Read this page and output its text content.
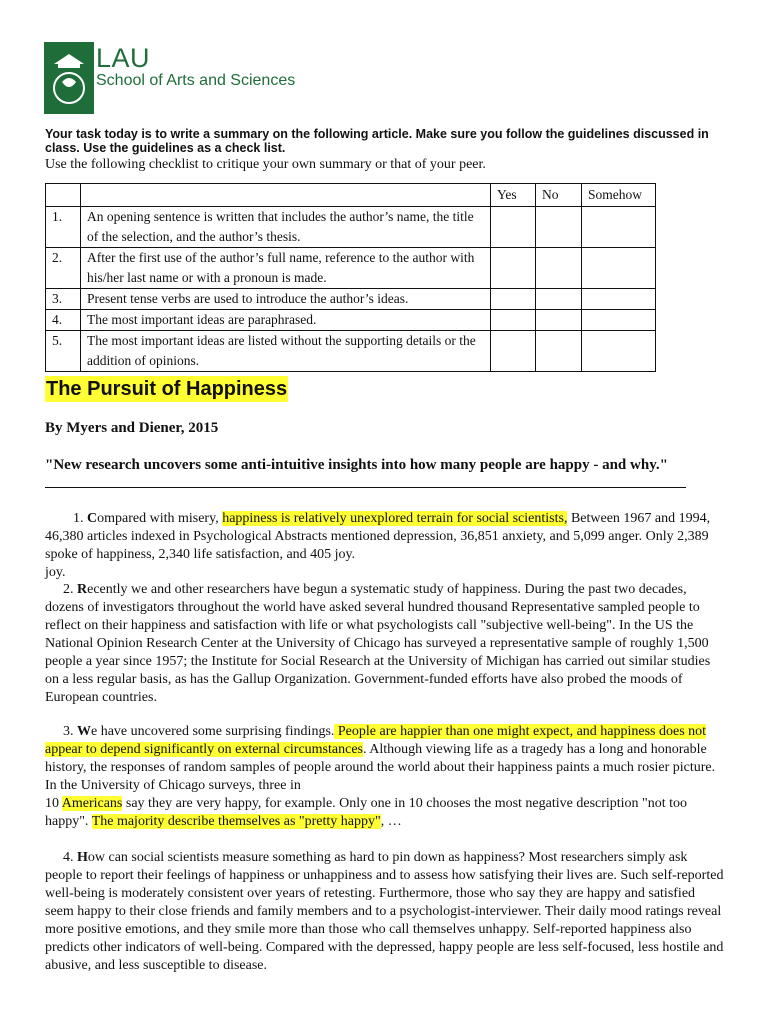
LAU
School of Arts and Sciences
Your task today is to write a summary on the following article. Make sure you follow the guidelines discussed in class. Use the guidelines as a check list.
Use the following checklist to critique your own summary or that of your peer.
		Yes	No	Somehow
1.	An opening sentence is written that includes the author’s name, the title of the selection, and the author’s thesis.			
2.	After the first use of the author’s full name, reference to the author with his/her last name or with a pronoun is made.			
3.	Present tense verbs are used to introduce the author’s ideas.			
4.	The most important ideas are paraphrased.			
5.	The most important ideas are listed without the supporting details or the addition of opinions.			
The Pursuit of Happiness
By Myers and Diener, 2015
"New research uncovers some anti-intuitive insights into how many people are happy - and why."
1. Compared with misery, happiness is relatively unexplored terrain for social scientists, Between 1967 and 1994, 46,380 articles indexed in Psychological Abstracts mentioned depression, 36,851 anxiety, and 5,099 anger. Only 2,389 spoke of happiness, 2,340 life satisfaction, and 405 joy.
joy.
2. Recently we and other researchers have begun a systematic study of happiness. During the past two decades, dozens of investigators throughout the world have asked several hundred thousand Representative sampled people to reflect on their happiness and satisfaction with life or what psychologists call "subjective well-being". In the US the National Opinion Research Center at the University of Chicago has surveyed a representative sample of roughly 1,500 people a year since 1957; the Institute for Social Research at the University of Michigan has carried out similar studies on a less regular basis, as has the Gallup Organization. Government-funded efforts have also probed the moods of European countries.
3. We have uncovered some surprising findings. People are happier than one might expect, and happiness does not appear to depend significantly on external circumstances. Although viewing life as a tragedy has a long and honorable history, the responses of random samples of people around the world about their happiness paints a much rosier picture. In the University of Chicago surveys, three in
10 Americans say they are very happy, for example. Only one in 10 chooses the most negative description "not too happy". The majority describe themselves as "pretty happy", …
4. How can social scientists measure something as hard to pin down as happiness? Most researchers simply ask people to report their feelings of happiness or unhappiness and to assess how satisfying their lives are. Such self-reported well-being is moderately consistent over years of retesting. Furthermore, those who say they are happy and satisfied seem happy to their close friends and family members and to a psychologist-interviewer. Their daily mood ratings reveal more positive emotions, and they smile more than those who call themselves unhappy. Self-reported happiness also predicts other indicators of well-being. Compared with the depressed, happy people are less self-focused, less hostile and abusive, and less susceptible to disease.
